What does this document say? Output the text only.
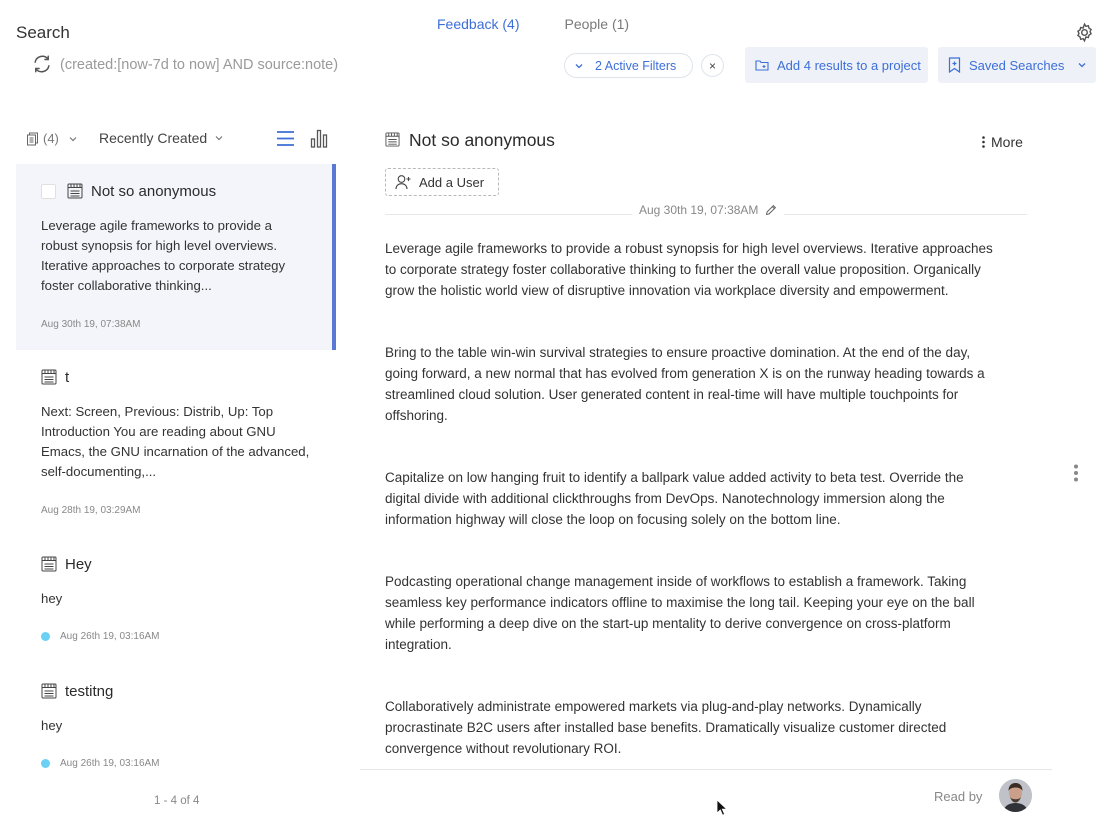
Search	Feedback (4)	People (1)
(created:[now-7d to now] AND source:note)	2 Active Filters	×	Add 4 results to a project	Saved Searches
(4)	Recently Created
Not so anonymous
Leverage agile frameworks to provide a robust synopsis for high level overviews. Iterative approaches to corporate strategy foster collaborative thinking...
Aug 30th 19, 07:38AM
t
Next: Screen, Previous: Distrib, Up: Top Introduction You are reading about GNU Emacs, the GNU incarnation of the advanced, self-documenting,...
Aug 28th 19, 03:29AM
Hey
hey
Aug 26th 19, 03:16AM
testitng
hey
Aug 26th 19, 03:16AM
1 - 4 of 4
Not so anonymous	More
Add a User
Aug 30th 19, 07:38AM

Leverage agile frameworks to provide a robust synopsis for high level overviews. Iterative approaches to corporate strategy foster collaborative thinking to further the overall value proposition. Organically grow the holistic world view of disruptive innovation via workplace diversity and empowerment.

Bring to the table win-win survival strategies to ensure proactive domination. At the end of the day, going forward, a new normal that has evolved from generation X is on the runway heading towards a streamlined cloud solution. User generated content in real-time will have multiple touchpoints for offshoring.

Capitalize on low hanging fruit to identify a ballpark value added activity to beta test. Override the digital divide with additional clickthroughs from DevOps. Nanotechnology immersion along the information highway will close the loop on focusing solely on the bottom line.

Podcasting operational change management inside of workflows to establish a framework. Taking seamless key performance indicators offline to maximise the long tail. Keeping your eye on the ball while performing a deep dive on the start-up mentality to derive convergence on cross-platform integration.

Collaboratively administrate empowered markets via plug-and-play networks. Dynamically procrastinate B2C users after installed base benefits. Dramatically visualize customer directed convergence without revolutionary ROI.

Read by
